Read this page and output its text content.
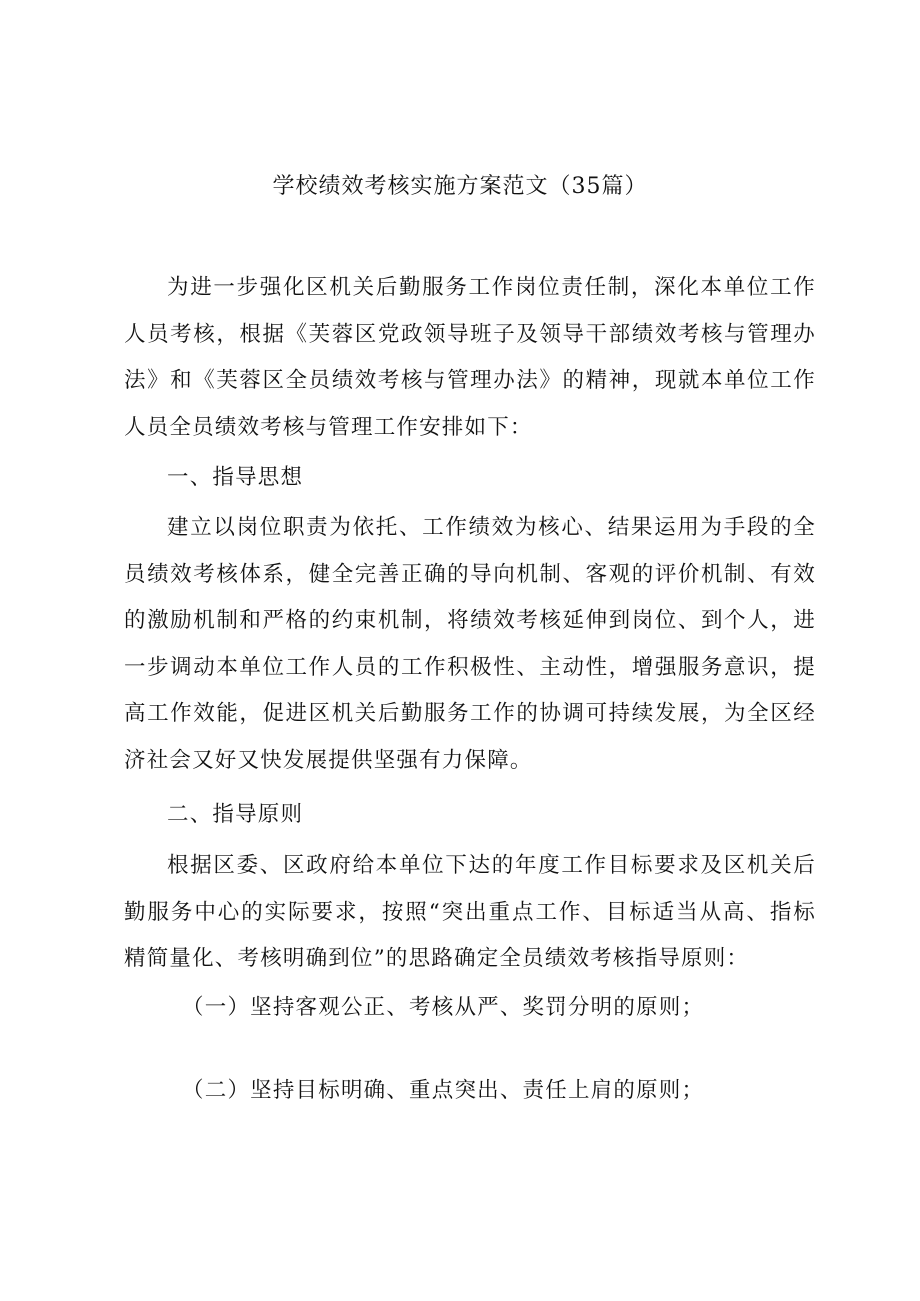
学校绩效考核实施方案范文（35篇）

为进一步强化区机关后勤服务工作岗位责任制，深化本单位工作人员考核，根据《芙蓉区党政领导班子及领导干部绩效考核与管理办法》和《芙蓉区全员绩效考核与管理办法》的精神，现就本单位工作人员全员绩效考核与管理工作安排如下：

一、指导思想

建立以岗位职责为依托、工作绩效为核心、结果运用为手段的全员绩效考核体系，健全完善正确的导向机制、客观的评价机制、有效的激励机制和严格的约束机制，将绩效考核延伸到岗位、到个人，进一步调动本单位工作人员的工作积极性、主动性，增强服务意识，提高工作效能，促进区机关后勤服务工作的协调可持续发展，为全区经济社会又好又快发展提供坚强有力保障。

二、指导原则

根据区委、区政府给本单位下达的年度工作目标要求及区机关后勤服务中心的实际要求，按照“突出重点工作、目标适当从高、指标精简量化、考核明确到位”的思路确定全员绩效考核指导原则：

（一）坚持客观公正、考核从严、奖罚分明的原则；

（二）坚持目标明确、重点突出、责任上肩的原则；
